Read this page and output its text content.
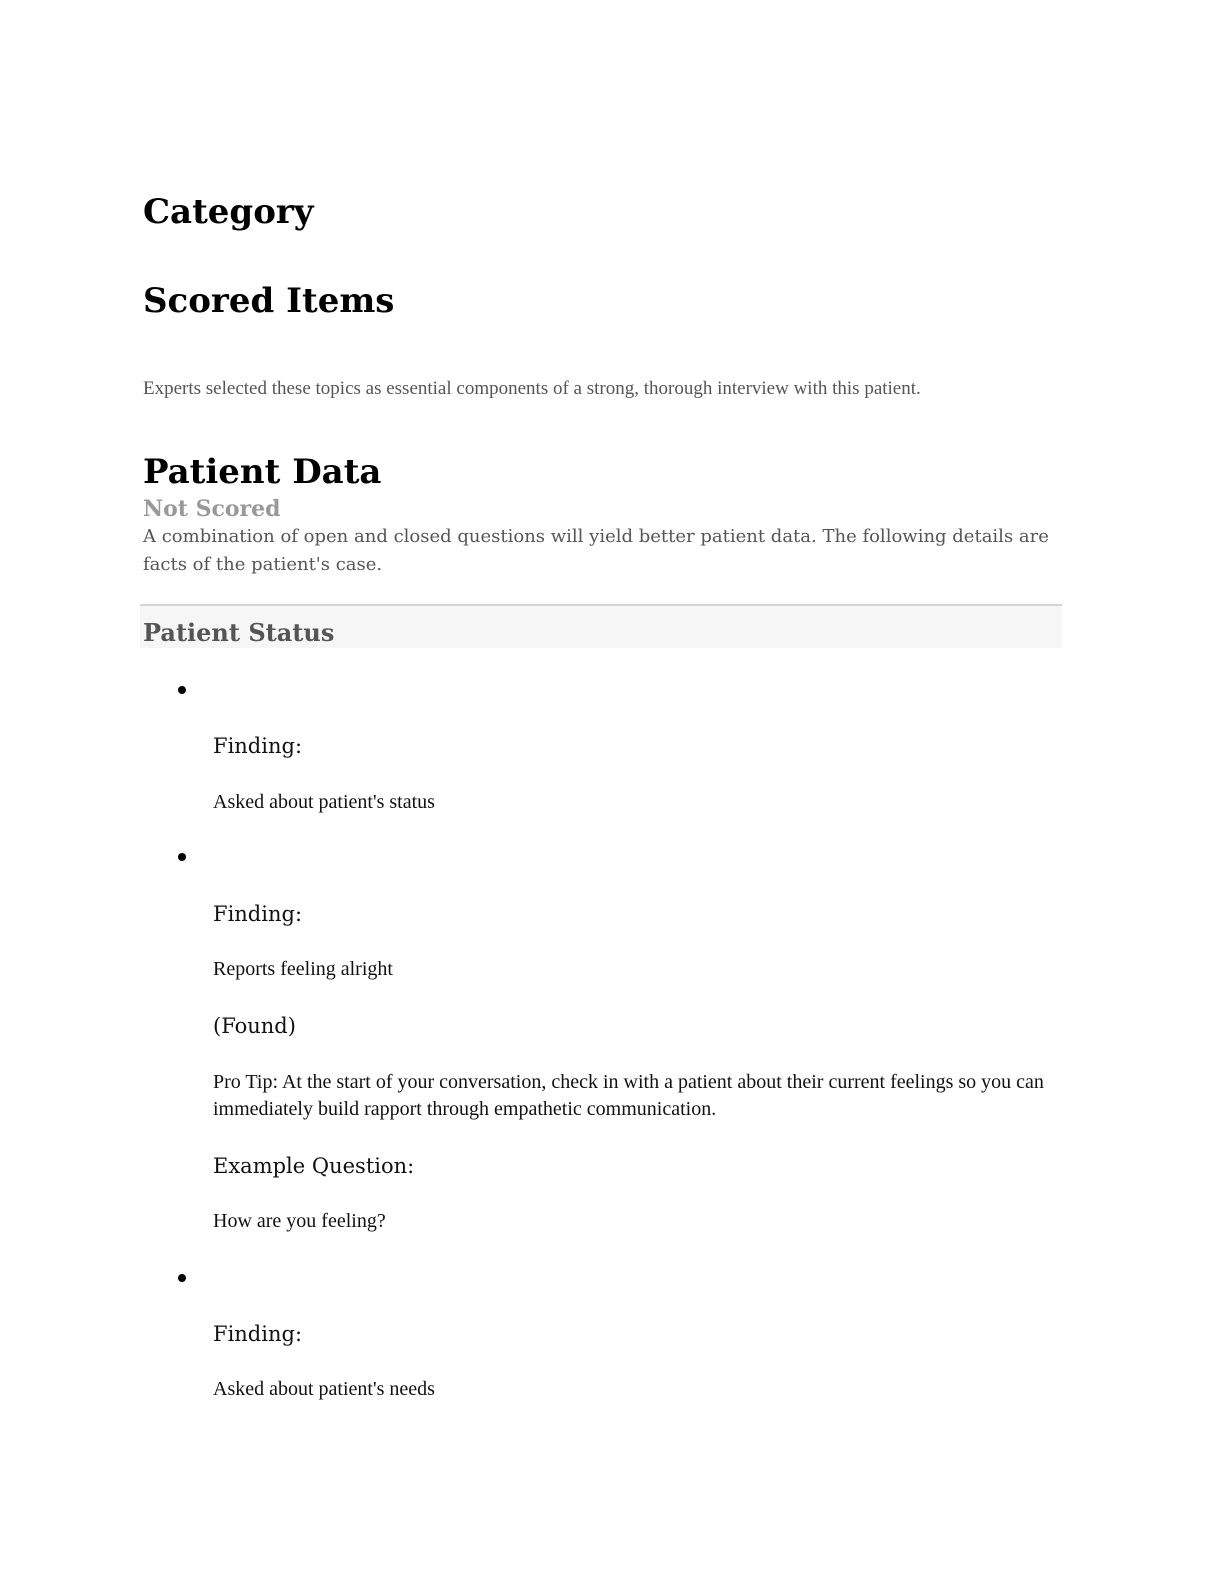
Category
Scored Items

Experts selected these topics as essential components of a strong, thorough interview with this patient.

Patient Data
Not Scored

A combination of open and closed questions will yield better patient data. The following details are facts of the patient's case.

Patient Status
Finding:
Asked about patient's status
Finding:
Reports feeling alright
(Found)

Pro Tip: At the start of your conversation, check in with a patient about their current feelings so you can immediately build rapport through empathetic communication.

Example Question:
How are you feeling?
Finding:
Asked about patient's needs
